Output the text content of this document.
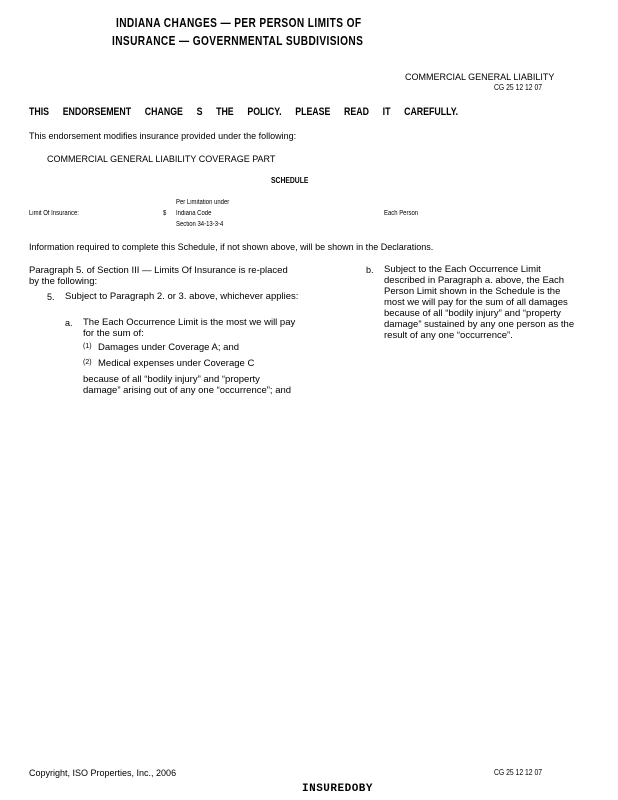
INDIANA CHANGES — PER PERSON LIMITS OF
INSURANCE — GOVERNMENTAL SUBDIVISIONS
COMMERCIAL GENERAL LIABILITY
CG 25 12 12 07
THIS ENDORSEMENT CHANGE S THE POLICY. PLEASE READ IT CAREFULLY.
This endorsement modifies insurance provided under the following:
COMMERCIAL GENERAL LIABILITY COVERAGE PART
SCHEDULE
Limit Of Insurance:	$
Per Limitation under
Indiana Code
Section 34-13-3-4
Each Person
Information required to complete this Schedule, if not shown above, will be shown in the Declarations.
Paragraph 5. of Section III — Limits Of Insurance is re-placed by the following:
5. Subject to Paragraph 2. or 3. above, whichever applies:
a. The Each Occurrence Limit is the most we will pay for the sum of:
(1) Damages under Coverage A; and
(2) Medical expenses under Coverage C
because of all “bodily injury” and “property damage” arising out of any one “occurrence”; and
b. Subject to the Each Occurrence Limit described in Paragraph a. above, the Each Person Limit shown in the Schedule is the most we will pay for the sum of all damages because of all “bodily injury” and “property damage” sustained by any one person as the result of any one “occurrence”.
Copyright, ISO Properties, Inc., 2006	CG 25 12 12 07
INSUREDOBY
